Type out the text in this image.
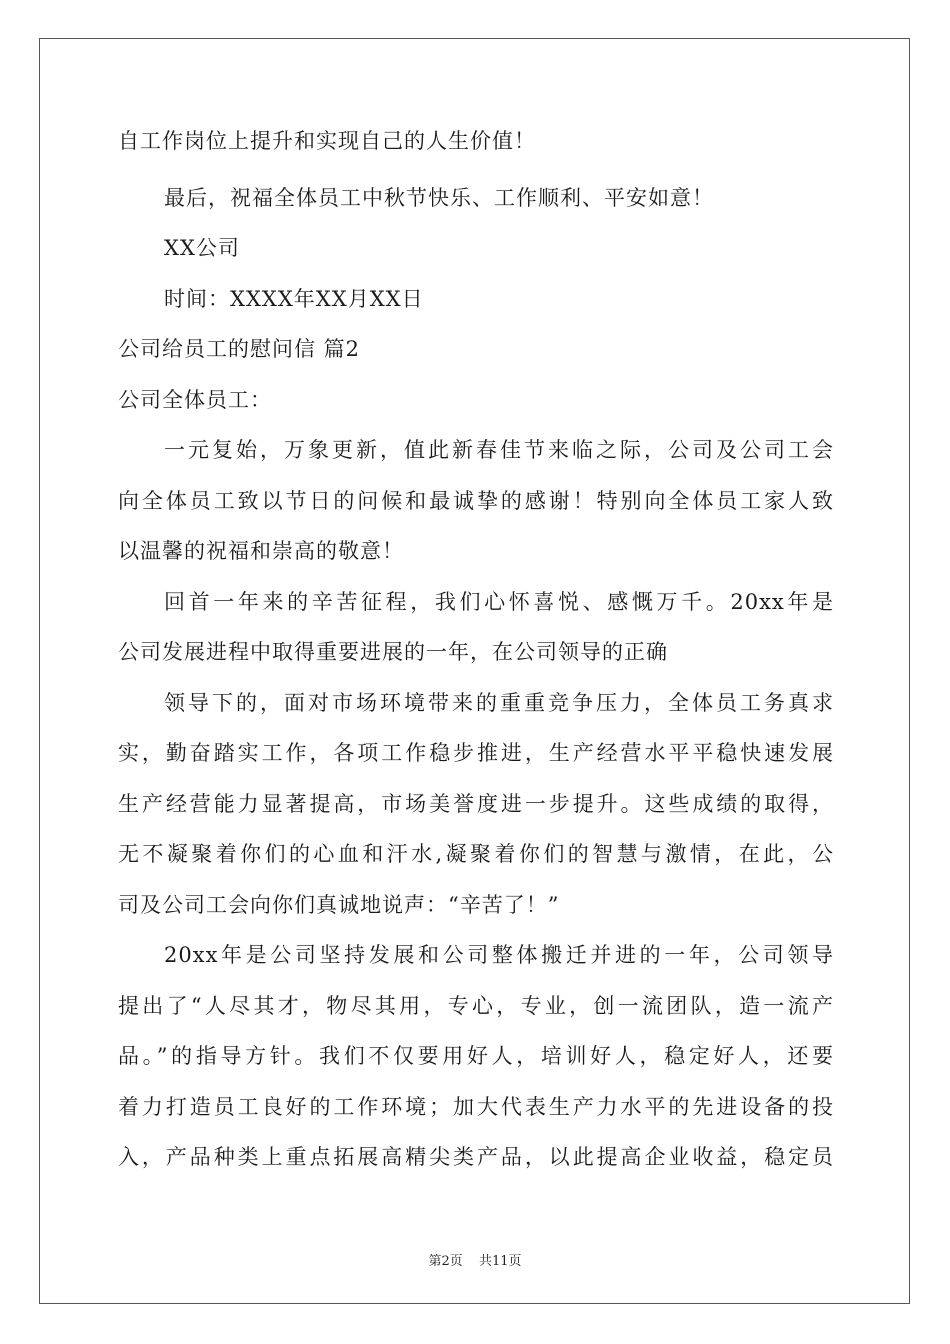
自工作岗位上提升和实现自己的人生价值！
最后，祝福全体员工中秋节快乐、工作顺利、平安如意！
XX公司
时间：XXXX年XX月XX日
公司给员工的慰问信 篇2
公司全体员工：
一元复始，万象更新，值此新春佳节来临之际，公司及公司工会
向全体员工致以节日的问候和最诚挚的感谢！特别向全体员工家人致
以温馨的祝福和崇高的敬意！
回首一年来的辛苦征程，我们心怀喜悦、感慨万千。20xx年是
公司发展进程中取得重要进展的一年，在公司领导的正确
领导下的，面对市场环境带来的重重竞争压力，全体员工务真求
实，勤奋踏实工作，各项工作稳步推进，生产经营水平平稳快速发展
生产经营能力显著提高，市场美誉度进一步提升。这些成绩的取得，
无不凝聚着你们的心血和汗水,凝聚着你们的智慧与激情，在此，公
司及公司工会向你们真诚地说声：“辛苦了！”
20xx年是公司坚持发展和公司整体搬迁并进的一年，公司领导
提出了“人尽其才，物尽其用，专心，专业，创一流团队，造一流产
品。”的指导方针。我们不仅要用好人，培训好人，稳定好人，还要
着力打造员工良好的工作环境；加大代表生产力水平的先进设备的投
入，产品种类上重点拓展高精尖类产品，以此提高企业收益，稳定员
第2页 共11页
